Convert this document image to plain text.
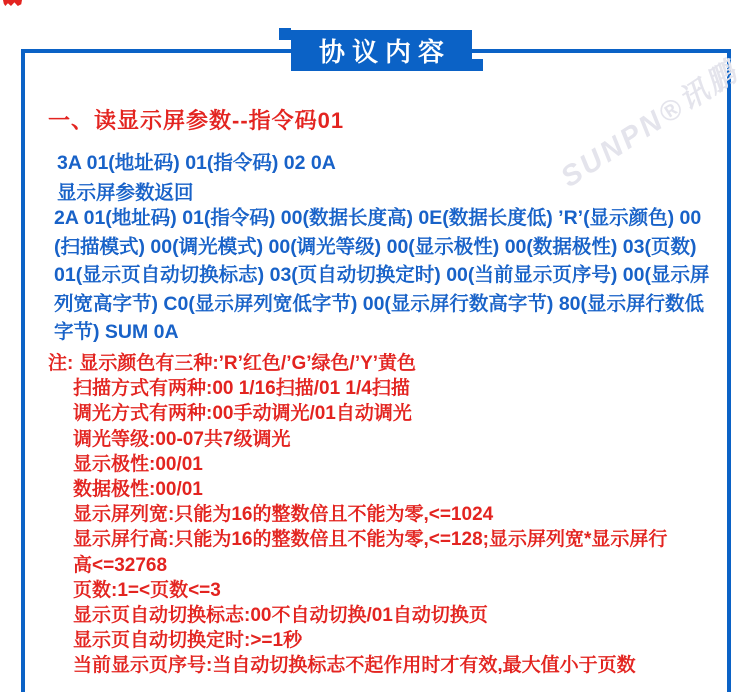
协议内容
SUNPN®讯鹏
一、读显示屏参数--指令码01
3A 01(地址码) 01(指令码) 02 0A
显示屏参数返回
2A 01(地址码) 01(指令码) 00(数据长度高) 0E(数据长度低) ’R’(显示颜色) 00
(扫描模式) 00(调光模式) 00(调光等级) 00(显示极性) 00(数据极性) 03(页数)
01(显示页自动切换标志) 03(页自动切换定时) 00(当前显示页序号) 00(显示屏
列宽高字节) C0(显示屏列宽低字节) 00(显示屏行数高字节) 80(显示屏行数低
字节) SUM 0A
注: 显示颜色有三种:’R’红色/’G’绿色/’Y’黄色
扫描方式有两种:00 1/16扫描/01 1/4扫描
调光方式有两种:00手动调光/01自动调光
调光等级:00-07共7级调光
显示极性:00/01
数据极性:00/01
显示屏列宽:只能为16的整数倍且不能为零,<=1024
显示屏行高:只能为16的整数倍且不能为零,<=128;显示屏列宽*显示屏行
高<=32768
页数:1=<页数<=3
显示页自动切换标志:00不自动切换/01自动切换页
显示页自动切换定时:>=1秒
当前显示页序号:当自动切换标志不起作用时才有效,最大值小于页数
